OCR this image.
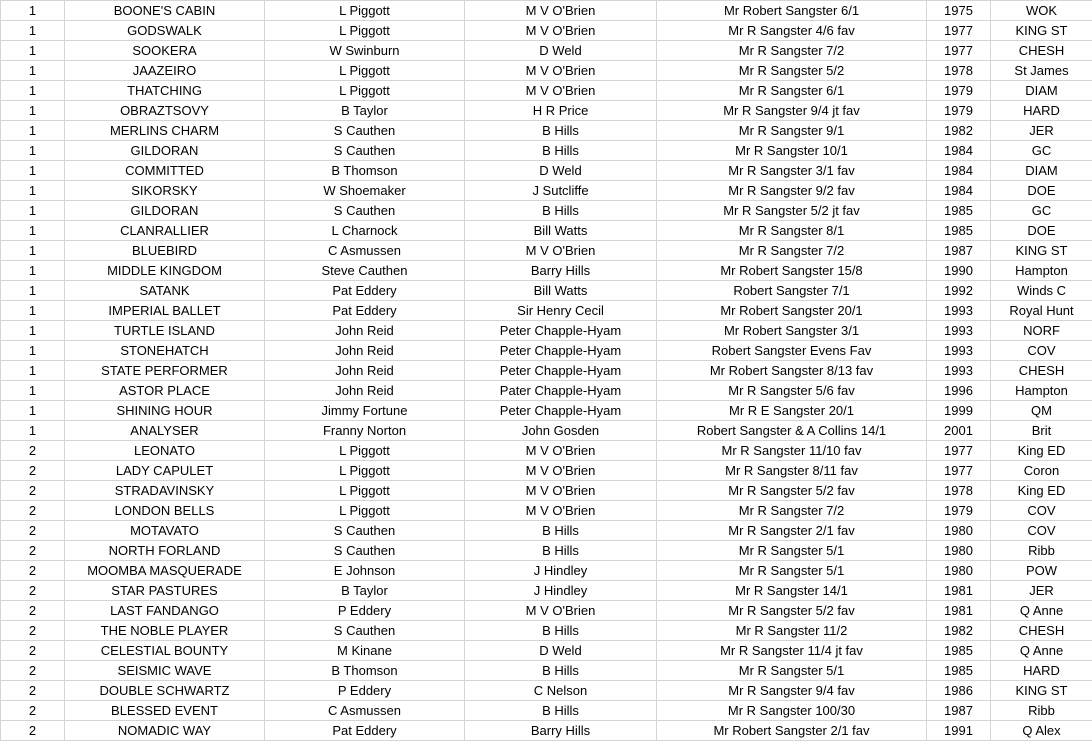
1	BOONE'S CABIN	L Piggott	M V O'Brien	Mr Robert Sangster 6/1	1975	WOK
1	GODSWALK	L Piggott	M V O'Brien	Mr R Sangster 4/6 fav	1977	KING ST
1	SOOKERA	W Swinburn	D Weld	Mr R Sangster 7/2	1977	CHESH
1	JAAZEIRO	L Piggott	M V O'Brien	Mr R Sangster 5/2	1978	St James
1	THATCHING	L Piggott	M V O'Brien	Mr R Sangster 6/1	1979	DIAM
1	OBRAZTSOVY	B Taylor	H R Price	Mr R Sangster 9/4 jt fav	1979	HARD
1	MERLINS CHARM	S Cauthen	B Hills	Mr R Sangster 9/1	1982	JER
1	GILDORAN	S Cauthen	B Hills	Mr R Sangster 10/1	1984	GC
1	COMMITTED	B Thomson	D Weld	Mr R Sangster 3/1 fav	1984	DIAM
1	SIKORSKY	W Shoemaker	J Sutcliffe	Mr R Sangster 9/2 fav	1984	DOE
1	GILDORAN	S Cauthen	B Hills	Mr R Sangster 5/2 jt fav	1985	GC
1	CLANRALLIER	L Charnock	Bill Watts	Mr R Sangster 8/1	1985	DOE
1	BLUEBIRD	C Asmussen	M V O'Brien	Mr R Sangster 7/2	1987	KING ST
1	MIDDLE KINGDOM	Steve Cauthen	Barry Hills	Mr Robert Sangster 15/8	1990	Hampton
1	SATANK	Pat Eddery	Bill Watts	Robert Sangster 7/1	1992	Winds C
1	IMPERIAL BALLET	Pat Eddery	Sir Henry Cecil	Mr Robert Sangster 20/1	1993	Royal Hunt
1	TURTLE ISLAND	John Reid	Peter Chapple-Hyam	Mr Robert Sangster 3/1	1993	NORF
1	STONEHATCH	John Reid	Peter Chapple-Hyam	Robert Sangster Evens Fav	1993	COV
1	STATE PERFORMER	John Reid	Peter Chapple-Hyam	Mr Robert Sangster 8/13 fav	1993	CHESH
1	ASTOR PLACE	John Reid	Pater Chapple-Hyam	Mr R Sangster 5/6 fav	1996	Hampton
1	SHINING HOUR	Jimmy Fortune	Peter Chapple-Hyam	Mr R E Sangster 20/1	1999	QM
1	ANALYSER	Franny Norton	John Gosden	Robert Sangster & A Collins 14/1	2001	Brit
2	LEONATO	L Piggott	M V O'Brien	Mr R Sangster 11/10 fav	1977	King ED
2	LADY CAPULET	L Piggott	M V O'Brien	Mr R Sangster 8/11 fav	1977	Coron
2	STRADAVINSKY	L Piggott	M V O'Brien	Mr R Sangster 5/2 fav	1978	King ED
2	LONDON BELLS	L Piggott	M V O'Brien	Mr R Sangster 7/2	1979	COV
2	MOTAVATO	S Cauthen	B Hills	Mr R Sangster 2/1 fav	1980	COV
2	NORTH FORLAND	S Cauthen	B Hills	Mr R Sangster 5/1	1980	Ribb
2	MOOMBA MASQUERADE	E Johnson	J Hindley	Mr R Sangster 5/1	1980	POW
2	STAR PASTURES	B Taylor	J Hindley	Mr R Sangster 14/1	1981	JER
2	LAST FANDANGO	P Eddery	M V O'Brien	Mr R Sangster 5/2 fav	1981	Q Anne
2	THE NOBLE PLAYER	S Cauthen	B Hills	Mr R Sangster 11/2	1982	CHESH
2	CELESTIAL BOUNTY	M Kinane	D Weld	Mr R Sangster 11/4 jt fav	1985	Q Anne
2	SEISMIC WAVE	B Thomson	B Hills	Mr R Sangster 5/1	1985	HARD
2	DOUBLE SCHWARTZ	P Eddery	C Nelson	Mr R Sangster 9/4 fav	1986	KING ST
2	BLESSED EVENT	C Asmussen	B Hills	Mr R Sangster 100/30	1987	Ribb
2	NOMADIC WAY	Pat Eddery	Barry Hills	Mr Robert Sangster 2/1 fav	1991	Q Alex
